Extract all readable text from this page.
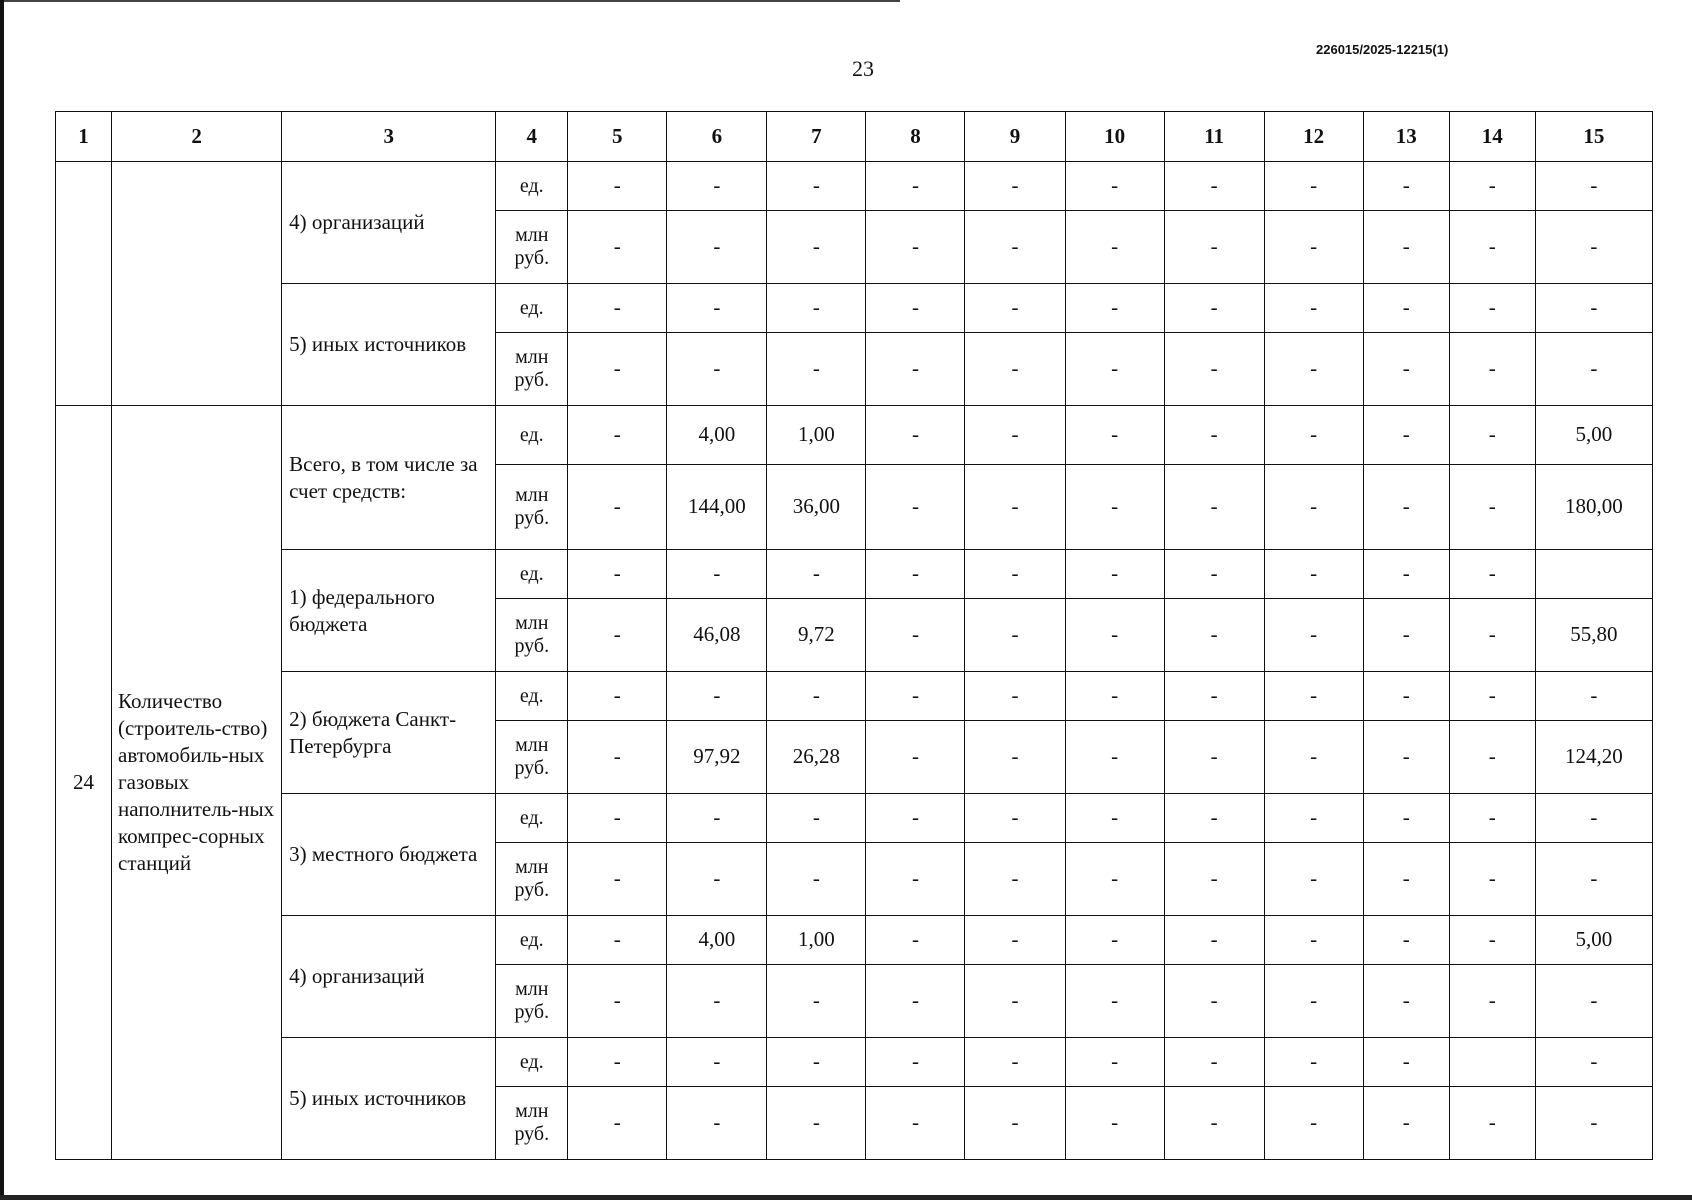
23
226015/2025-12215(1)
1	2	3	4	5	6	7	8	9	10	11	12	13	14	15
		4) организаций	ед.	-	-	-	-	-	-	-	-	-	-	-
			млн руб.	-	-	-	-	-	-	-	-	-	-	-
		5) иных источников	ед.	-	-	-	-	-	-	-	-	-	-	-
			млн руб.	-	-	-	-	-	-	-	-	-	-	-
24	Количество (строитель-ство) автомобиль-ных газовых наполнитель-ных компрес-сорных станций	Всего, в том числе за счет средств:	ед.	-	4,00	1,00	-	-	-	-	-	-	-	5,00
			млн руб.	-	144,00	36,00	-	-	-	-	-	-	-	180,00
		1) федерального бюджета	ед.	-	-	-	-	-	-	-	-	-	-	
			млн руб.	-	46,08	9,72	-	-	-	-	-	-	-	55,80
		2) бюджета Санкт-Петербурга	ед.	-	-	-	-	-	-	-	-	-	-	-
			млн руб.	-	97,92	26,28	-	-	-	-	-	-	-	124,20
		3) местного бюджета	ед.	-	-	-	-	-	-	-	-	-	-	-
			млн руб.	-	-	-	-	-	-	-	-	-	-	-
		4) организаций	ед.	-	4,00	1,00	-	-	-	-	-	-	-	5,00
			млн руб.	-	-	-	-	-	-	-	-	-	-	-
		5) иных источников	ед.	-	-	-	-	-	-	-	-	-		-
			млн руб.	-	-	-	-	-	-	-	-	-	-	-
